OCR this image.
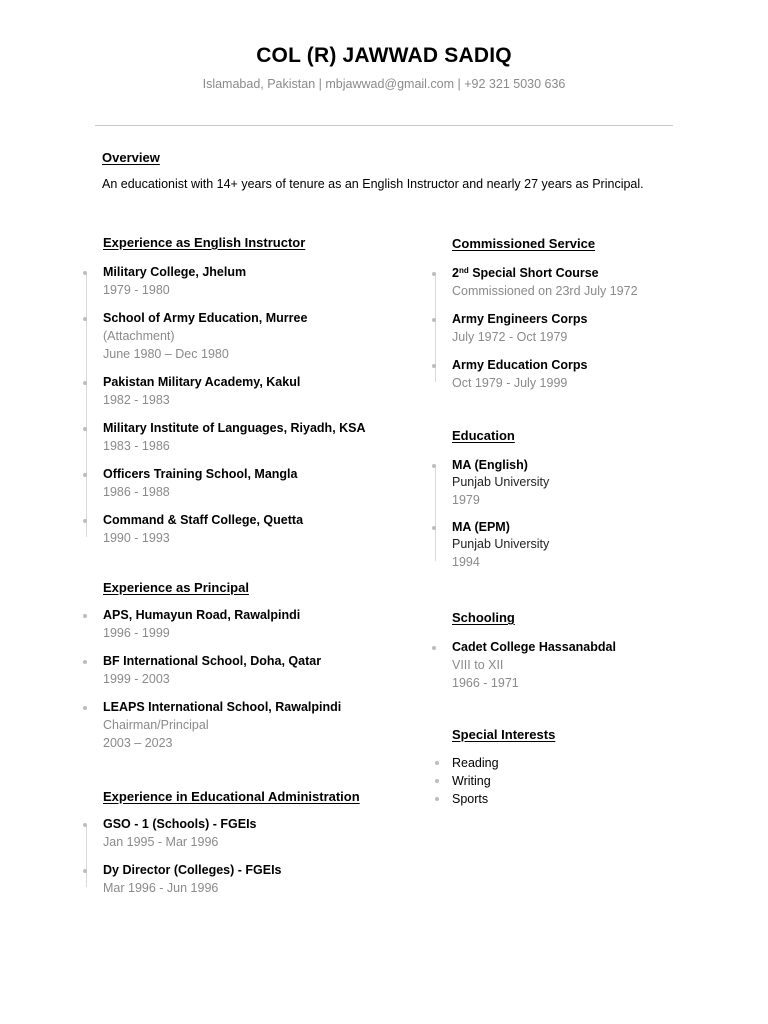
COL (R) JAWWAD SADIQ
Islamabad, Pakistan | mbjawwad@gmail.com | +92 321 5030 636
Overview
An educationist with 14+ years of tenure as an English Instructor and nearly 27 years as Principal.
Experience as English Instructor
Military College, Jhelum
1979 - 1980
School of Army Education, Murree
(Attachment)
June 1980 – Dec 1980
Pakistan Military Academy, Kakul
1982 - 1983
Military Institute of Languages, Riyadh, KSA
1983 - 1986
Officers Training School, Mangla
1986 - 1988
Command & Staff College, Quetta
1990 - 1993
Experience as Principal
APS, Humayun Road, Rawalpindi
1996 - 1999
BF International School, Doha, Qatar
1999 - 2003
LEAPS International School, Rawalpindi
Chairman/Principal
2003 – 2023
Experience in Educational Administration
GSO - 1 (Schools) - FGEIs
Jan 1995 - Mar 1996
Dy Director (Colleges) - FGEIs
Mar 1996 - Jun 1996
Commissioned Service
2nd Special Short Course
Commissioned on 23rd July 1972
Army Engineers Corps
July 1972 - Oct 1979
Army Education Corps
Oct 1979 - July 1999
Education
MA (English)
Punjab University
1979
MA (EPM)
Punjab University
1994
Schooling
Cadet College Hassanabdal
VIII to XII
1966 - 1971
Special Interests
Reading
Writing
Sports
